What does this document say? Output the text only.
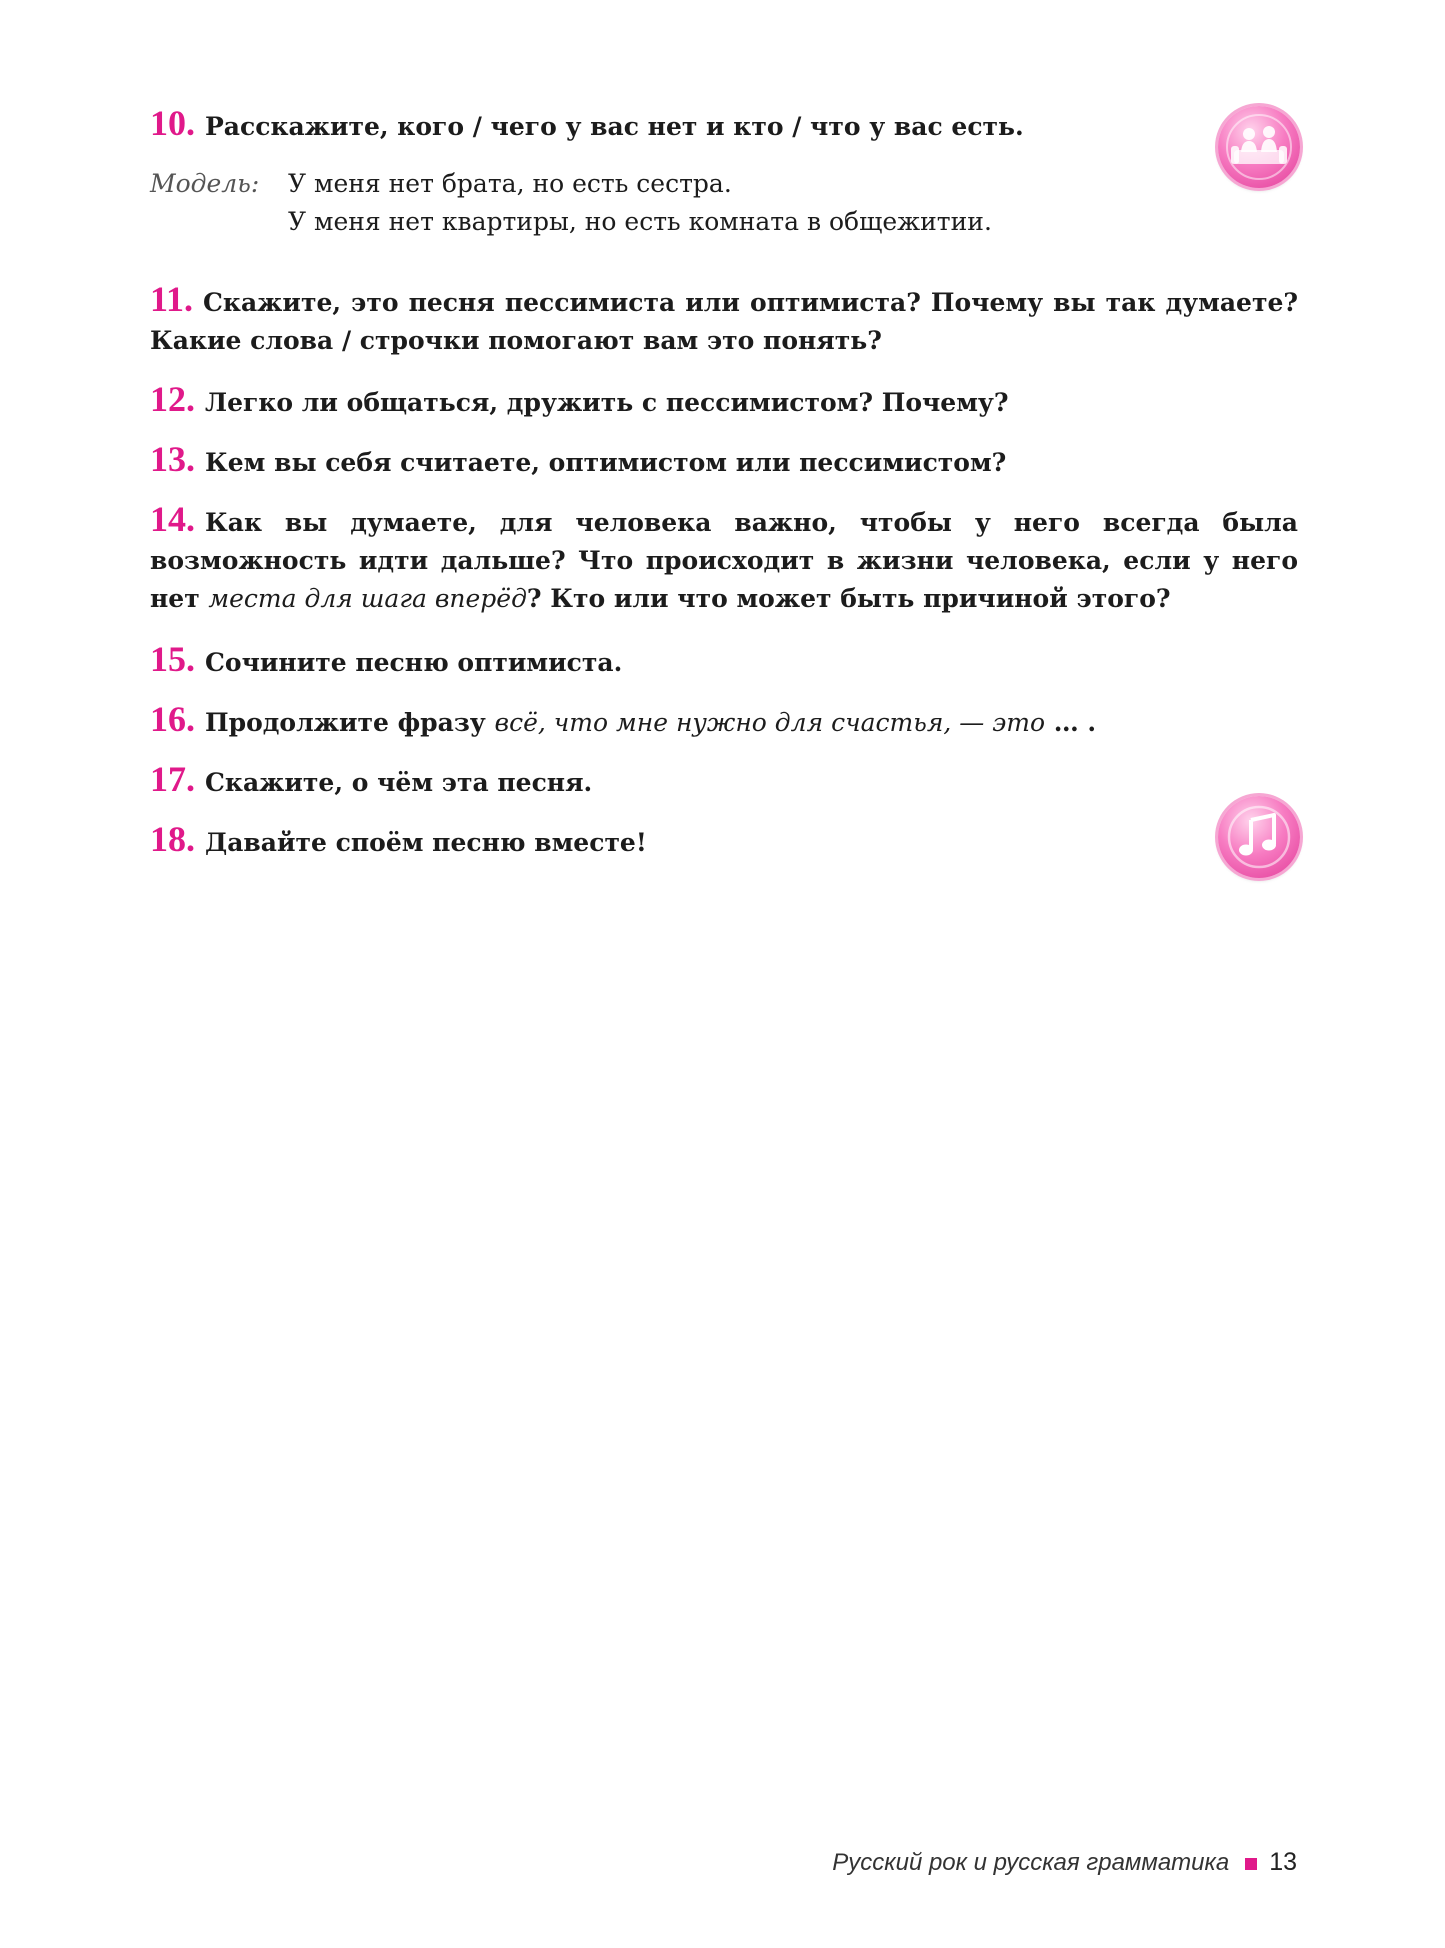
10. Расскажите, кого / чего у вас нет и кто / что у вас есть.
Модель: У меня нет брата, но есть сестра.
У меня нет квартиры, но есть комната в общежитии.
11. Скажите, это песня пессимиста или оптимиста? Почему вы так думаете? Какие слова / строчки помогают вам это понять?
12. Легко ли общаться, дружить с пессимистом? Почему?
13. Кем вы себя считаете, оптимистом или пессимистом?
14. Как вы думаете, для человека важно, чтобы у него всегда была возможность идти дальше? Что происходит в жизни человека, если у него нет места для шага вперёд? Кто или что может быть причиной этого?
15. Сочините песню оптимиста.
16. Продолжите фразу всё, что мне нужно для счастья, — это … .
17. Скажите, о чём эта песня.
18. Давайте споём песню вместе!
Русский рок и русская грамматика 13
